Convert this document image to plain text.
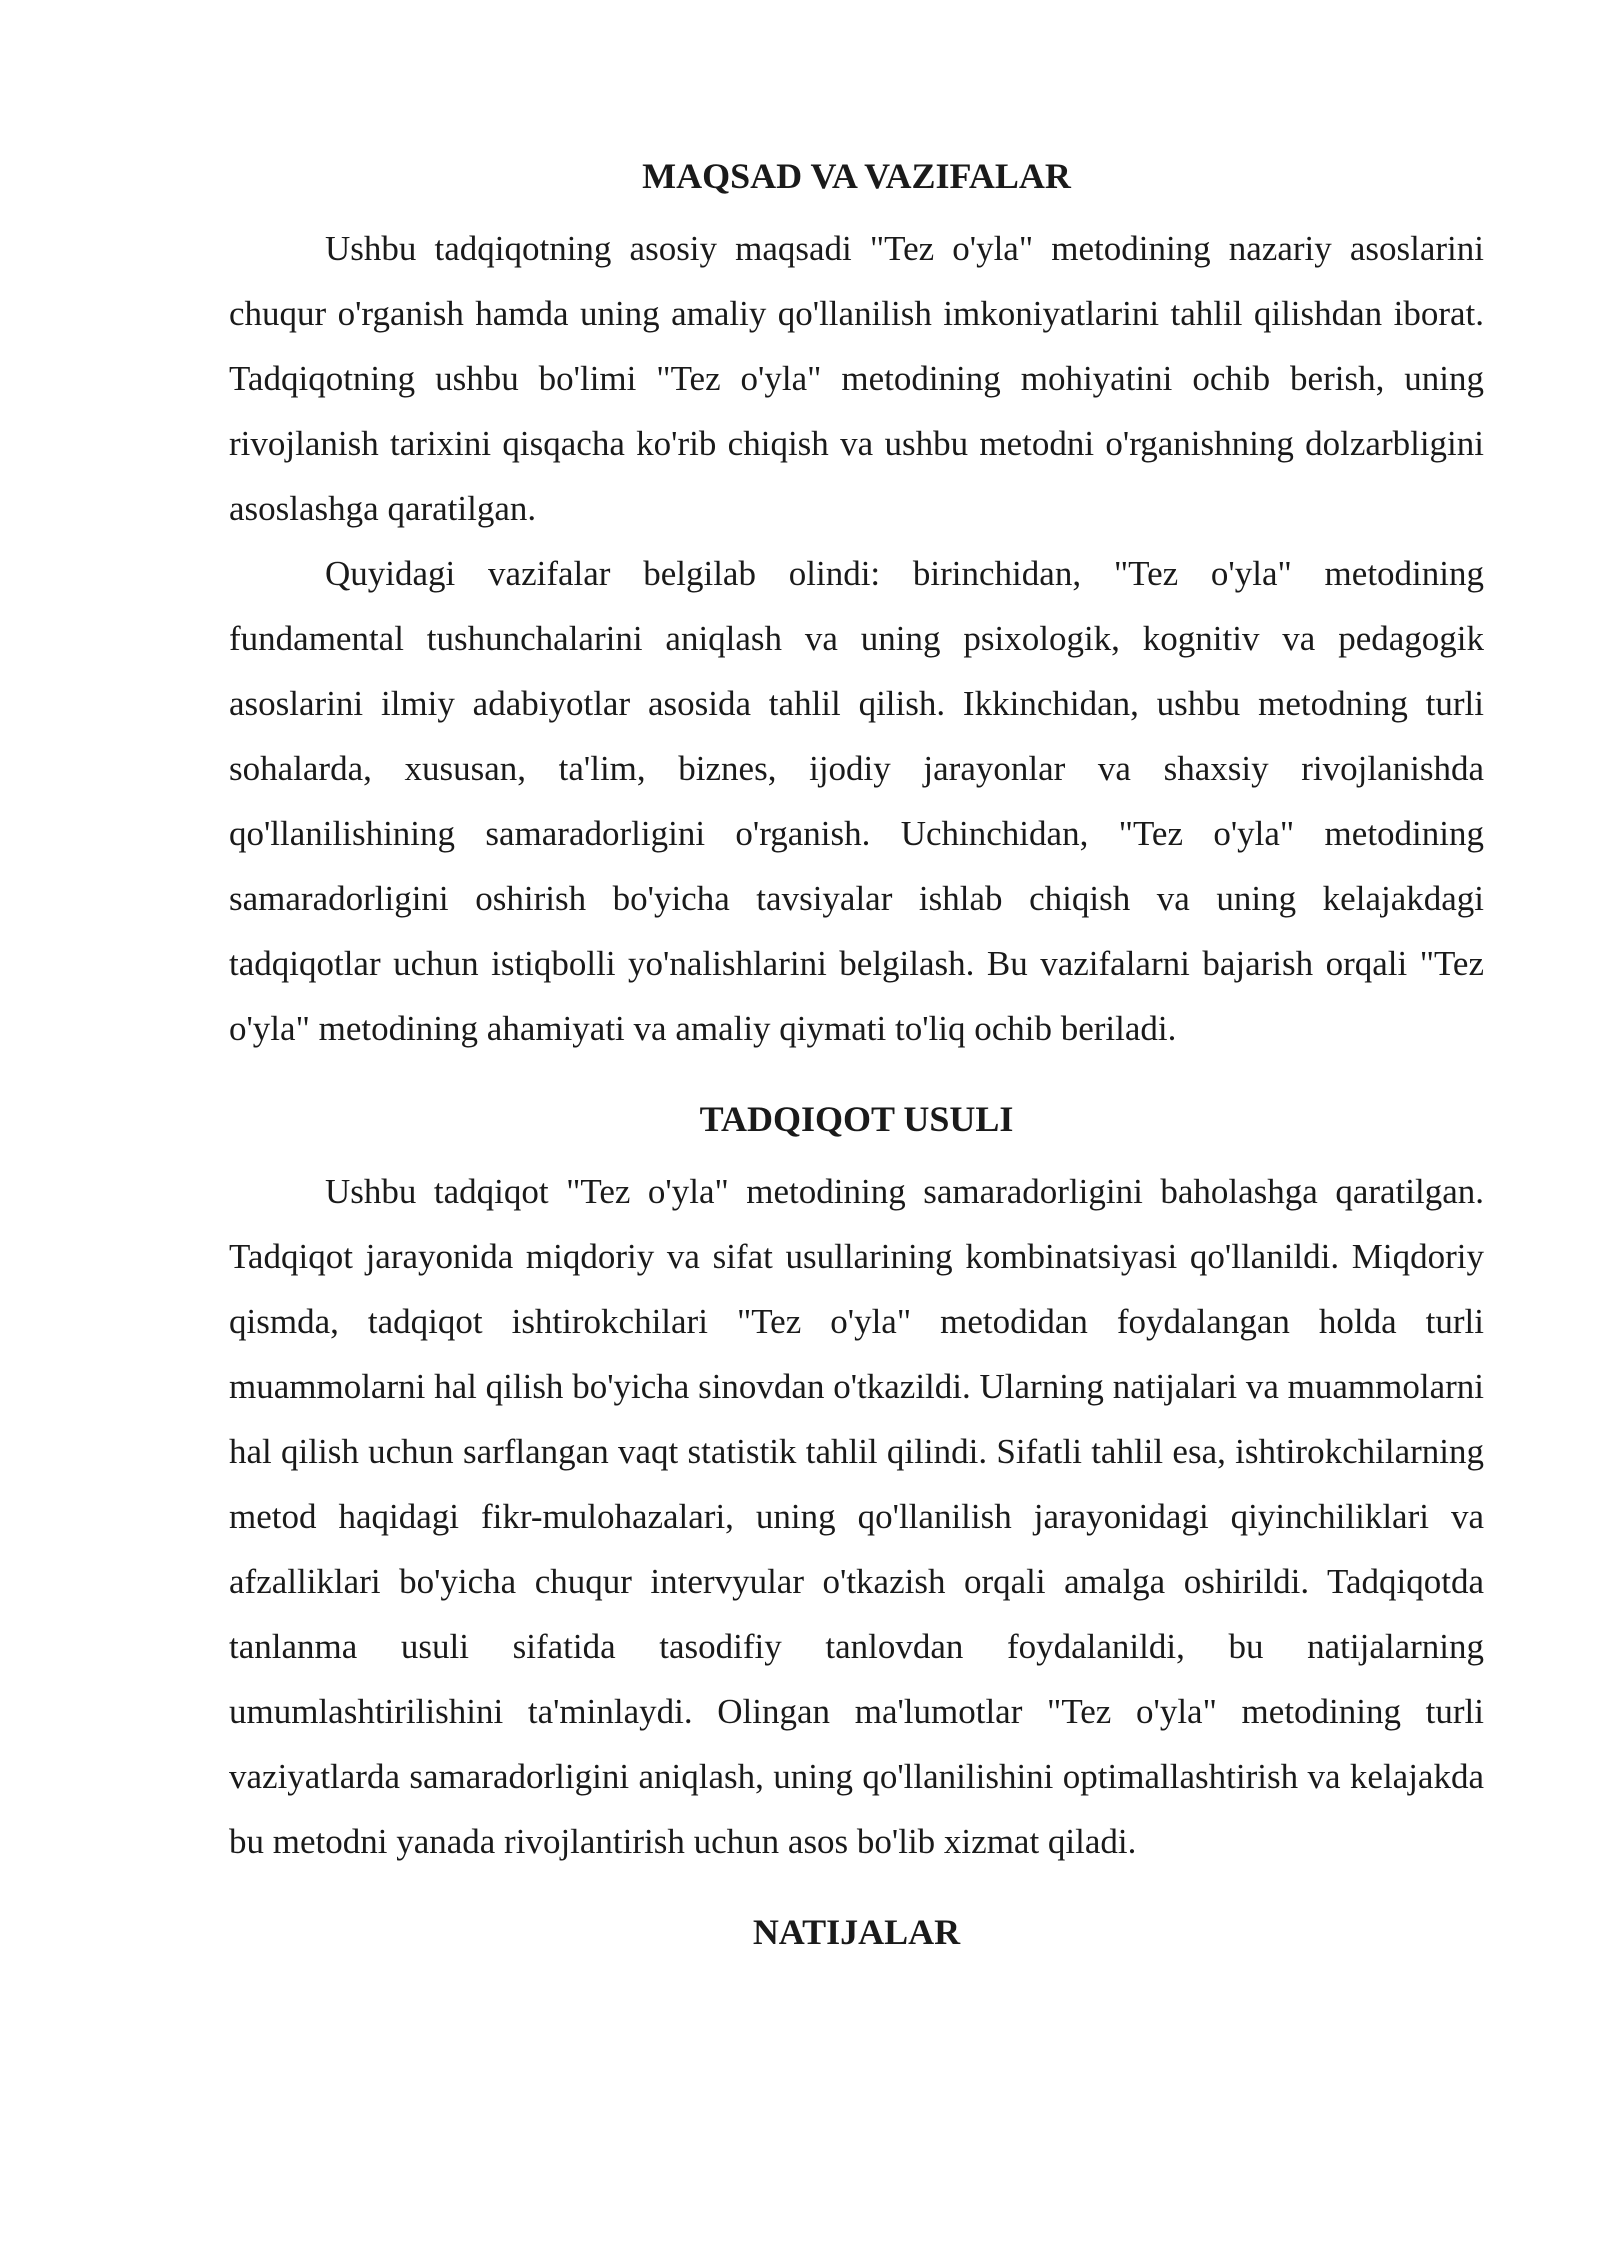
MAQSAD VA VAZIFALAR

Ushbu tadqiqotning asosiy maqsadi "Tez o'yla" metodining nazariy asoslarini chuqur o'rganish hamda uning amaliy qo'llanilish imkoniyatlarini tahlil qilishdan iborat. Tadqiqotning ushbu bo'limi "Tez o'yla" metodining mohiyatini ochib berish, uning rivojlanish tarixini qisqacha ko'rib chiqish va ushbu metodni o'rganishning dolzarbligini asoslashga qaratilgan.

Quyidagi vazifalar belgilab olindi: birinchidan, "Tez o'yla" metodining fundamental tushunchalarini aniqlash va uning psixologik, kognitiv va pedagogik asoslarini ilmiy adabiyotlar asosida tahlil qilish. Ikkinchidan, ushbu metodning turli sohalarda, xususan, ta'lim, biznes, ijodiy jarayonlar va shaxsiy rivojlanishda qo'llanilishining samaradorligini o'rganish. Uchinchidan, "Tez o'yla" metodining samaradorligini oshirish bo'yicha tavsiyalar ishlab chiqish va uning kelajakdagi tadqiqotlar uchun istiqbolli yo'nalishlarini belgilash. Bu vazifalarni bajarish orqali "Tez o'yla" metodining ahamiyati va amaliy qiymati to'liq ochib beriladi.

TADQIQOT USULI

Ushbu tadqiqot "Tez o'yla" metodining samaradorligini baholashga qaratilgan. Tadqiqot jarayonida miqdoriy va sifat usullarining kombinatsiyasi qo'llanildi. Miqdoriy qismda, tadqiqot ishtirokchilari "Tez o'yla" metodidan foydalangan holda turli muammolarni hal qilish bo'yicha sinovdan o'tkazildi. Ularning natijalari va muammolarni hal qilish uchun sarflangan vaqt statistik tahlil qilindi. Sifatli tahlil esa, ishtirokchilarning metod haqidagi fikr-mulohazalari, uning qo'llanilish jarayonidagi qiyinchiliklari va afzalliklari bo'yicha chuqur intervyular o'tkazish orqali amalga oshirildi. Tadqiqotda tanlanma usuli sifatida tasodifiy tanlovdan foydalanildi, bu natijalarning umumlashtirilishini ta'minlaydi. Olingan ma'lumotlar "Tez o'yla" metodining turli vaziyatlarda samaradorligini aniqlash, uning qo'llanilishini optimallashtirish va kelajakda bu metodni yanada rivojlantirish uchun asos bo'lib xizmat qiladi.

NATIJALAR
